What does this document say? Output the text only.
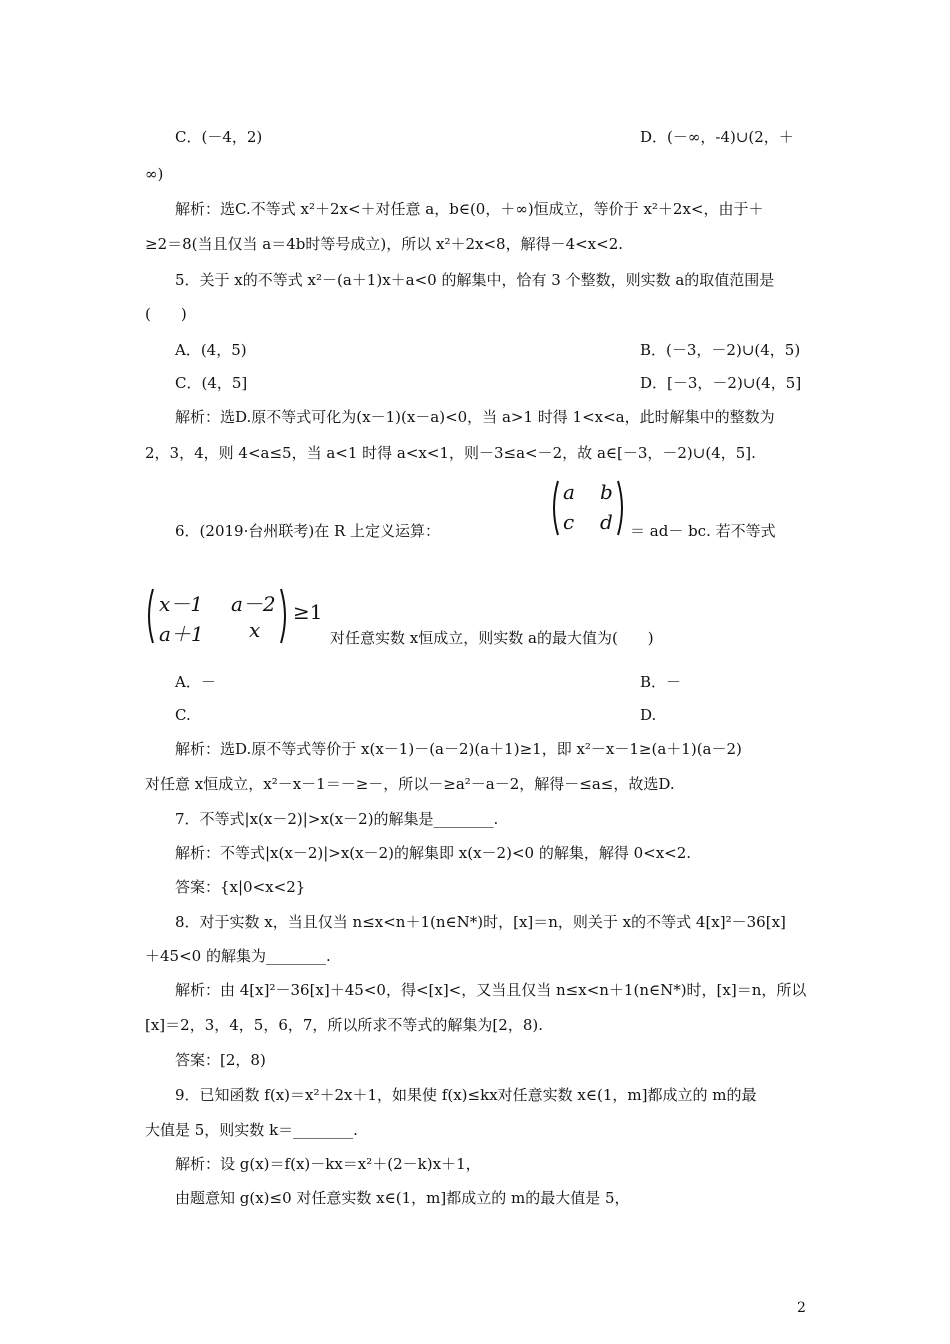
C．(－4，2)	D．(－∞，-4)∪(2，＋
∞)
解析：选C.不等式 x²＋2x<＋对任意 a，b∈(0，＋∞)恒成立，等价于 x²＋2x<，由于＋
≥2＝8(当且仅当 a＝4b时等号成立)，所以 x²＋2x<8，解得－4<x<2.
5．关于 x的不等式 x²－(a＋1)x＋a<0 的解集中，恰有 3 个整数，则实数 a的取值范围是
(　　)
A．(4，5)	B．(－3，－2)∪(4，5)
C．(4，5]	D．[－3，－2)∪(4，5]
解析：选D.原不等式可化为(x－1)(x－a)<0，当 a>1 时得 1<x<a，此时解集中的整数为
2，3，4，则 4<a≤5，当 a<1 时得 a<x<1，则－3≤a<－2，故 a∈[－3，－2)∪(4，5].
6．(2019·台州联考)在 R 上定义运算：
a b
c d ＝ ad－ bc. 若不等式
x－1 a－2
a＋1 x
≥1
对任意实数 x恒成立，则实数 a的最大值为(　　)
A．－	B．－
C.	D.
解析：选D.原不等式等价于 x(x－1)－(a－2)(a＋1)≥1，即 x²－x－1≥(a＋1)(a－2)
对任意 x恒成立，x²－x－1＝－≥－，所以－≥a²－a－2，解得－≤a≤，故选D.
7．不等式|x(x－2)|>x(x－2)的解集是________.
解析：不等式|x(x－2)|>x(x－2)的解集即 x(x－2)<0 的解集，解得 0<x<2.
答案：{x|0<x<2}
8．对于实数 x，当且仅当 n≤x<n＋1(n∈N*)时，[x]＝n，则关于 x的不等式 4[x]²－36[x]
＋45<0 的解集为________.
解析：由 4[x]²－36[x]＋45<0，得<[x]<，又当且仅当 n≤x<n＋1(n∈N*)时，[x]＝n，所以
[x]＝2，3，4，5，6，7，所以所求不等式的解集为[2，8).
答案：[2，8)
9．已知函数 f(x)＝x²＋2x＋1，如果使 f(x)≤kx对任意实数 x∈(1，m]都成立的 m的最
大值是 5，则实数 k＝________.
解析：设 g(x)＝f(x)－kx＝x²＋(2－k)x＋1，
由题意知 g(x)≤0 对任意实数 x∈(1，m]都成立的 m的最大值是 5，
2
